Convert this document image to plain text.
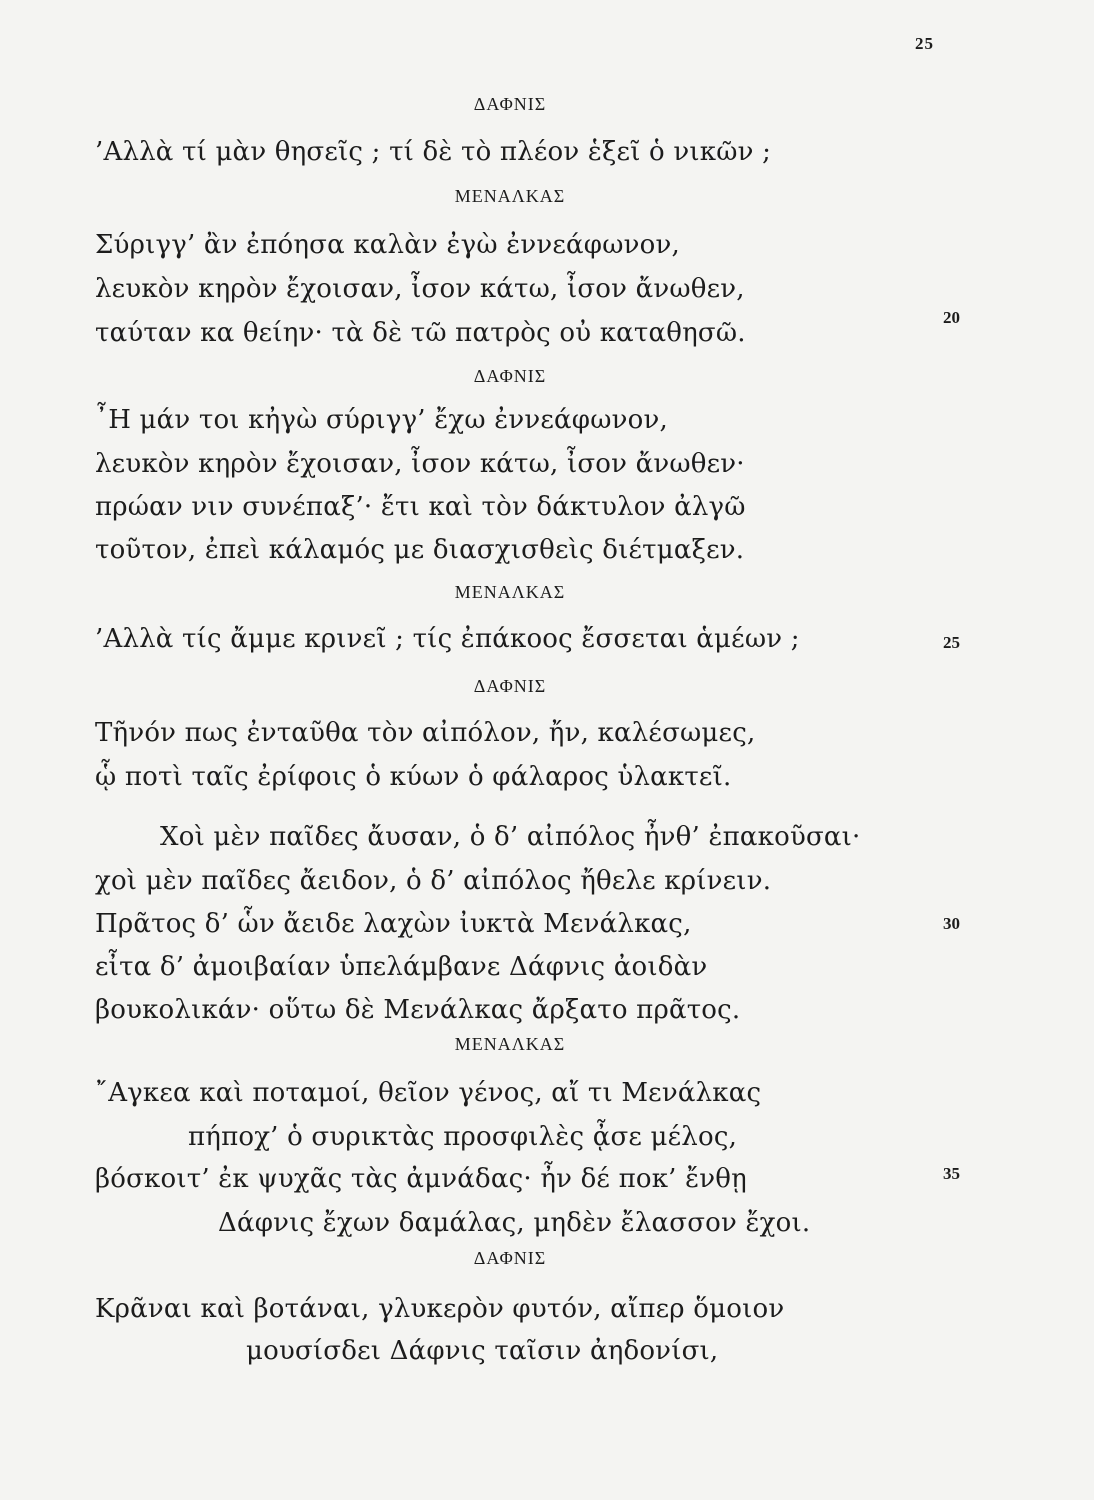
25
ΔΑΦΝΙΣ
’Αλλὰ τί μὰν θησεῖς ; τί δὲ τὸ πλέον ἑξεῖ ὁ νικῶν ;
ΜΕΝΑΛΚΑΣ
Σύριγγ’ ἂν ἐπόησα καλὰν ἐγὼ ἐννεάφωνον,
λευκὸν κηρὸν ἔχοισαν, ἶσον κάτω, ἶσον ἄνωθεν,
ταύταν κα θείην· τὰ δὲ τῶ πατρὸς οὐ καταθησῶ.
20
ΔΑΦΝΙΣ
῏Η μάν τοι κἠγὼ σύριγγ’ ἔχω ἐννεάφωνον,
λευκὸν κηρὸν ἔχοισαν, ἶσον κάτω, ἶσον ἄνωθεν·
πρώαν νιν συνέπαξ’· ἔτι καὶ τὸν δάκτυλον ἀλγῶ
τοῦτον, ἐπεὶ κάλαμός με διασχισθεὶς διέτμαξεν.
ΜΕΝΑΛΚΑΣ
’Αλλὰ τίς ἄμμε κρινεῖ ; τίς ἐπάκοος ἔσσεται ἁμέων ;	25
ΔΑΦΝΙΣ
Τῆνόν πως ἐνταῦθα τὸν αἰπόλον, ἤν, καλέσωμες,
ᾧ ποτὶ ταῖς ἐρίφοις ὁ κύων ὁ φάλαρος ὑλακτεῖ.
Χοὶ μὲν παῖδες ἄυσαν, ὁ δ’ αἰπόλος ἦνθ’ ἐπακοῦσαι·
χοὶ μὲν παῖδες ἄειδον, ὁ δ’ αἰπόλος ἤθελε κρίνειν.
Πρᾶτος δ’ ὧν ἄειδε λαχὼν ἰυκτὰ Μενάλκας,	30
εἶτα δ’ ἀμοιβαίαν ὑπελάμβανε Δάφνις ἀοιδὰν
βουκολικάν· οὕτω δὲ Μενάλκας ἄρξατο πρᾶτος.
ΜΕΝΑΛΚΑΣ
῎Αγκεα καὶ ποταμοί, θεῖον γένος, αἴ τι Μενάλκας
πήποχ’ ὁ συρικτὰς προσφιλὲς ᾆσε μέλος,
βόσκοιτ’ ἐκ ψυχᾶς τὰς ἀμνάδας· ἦν δέ ποκ’ ἔνθῃ	35
Δάφνις ἔχων δαμάλας, μηδὲν ἔλασσον ἔχοι.
ΔΑΦΝΙΣ
Κρᾶναι καὶ βοτάναι, γλυκερὸν φυτόν, αἴπερ ὅμοιον
μουσίσδει Δάφνις ταῖσιν ἀηδονίσι,
